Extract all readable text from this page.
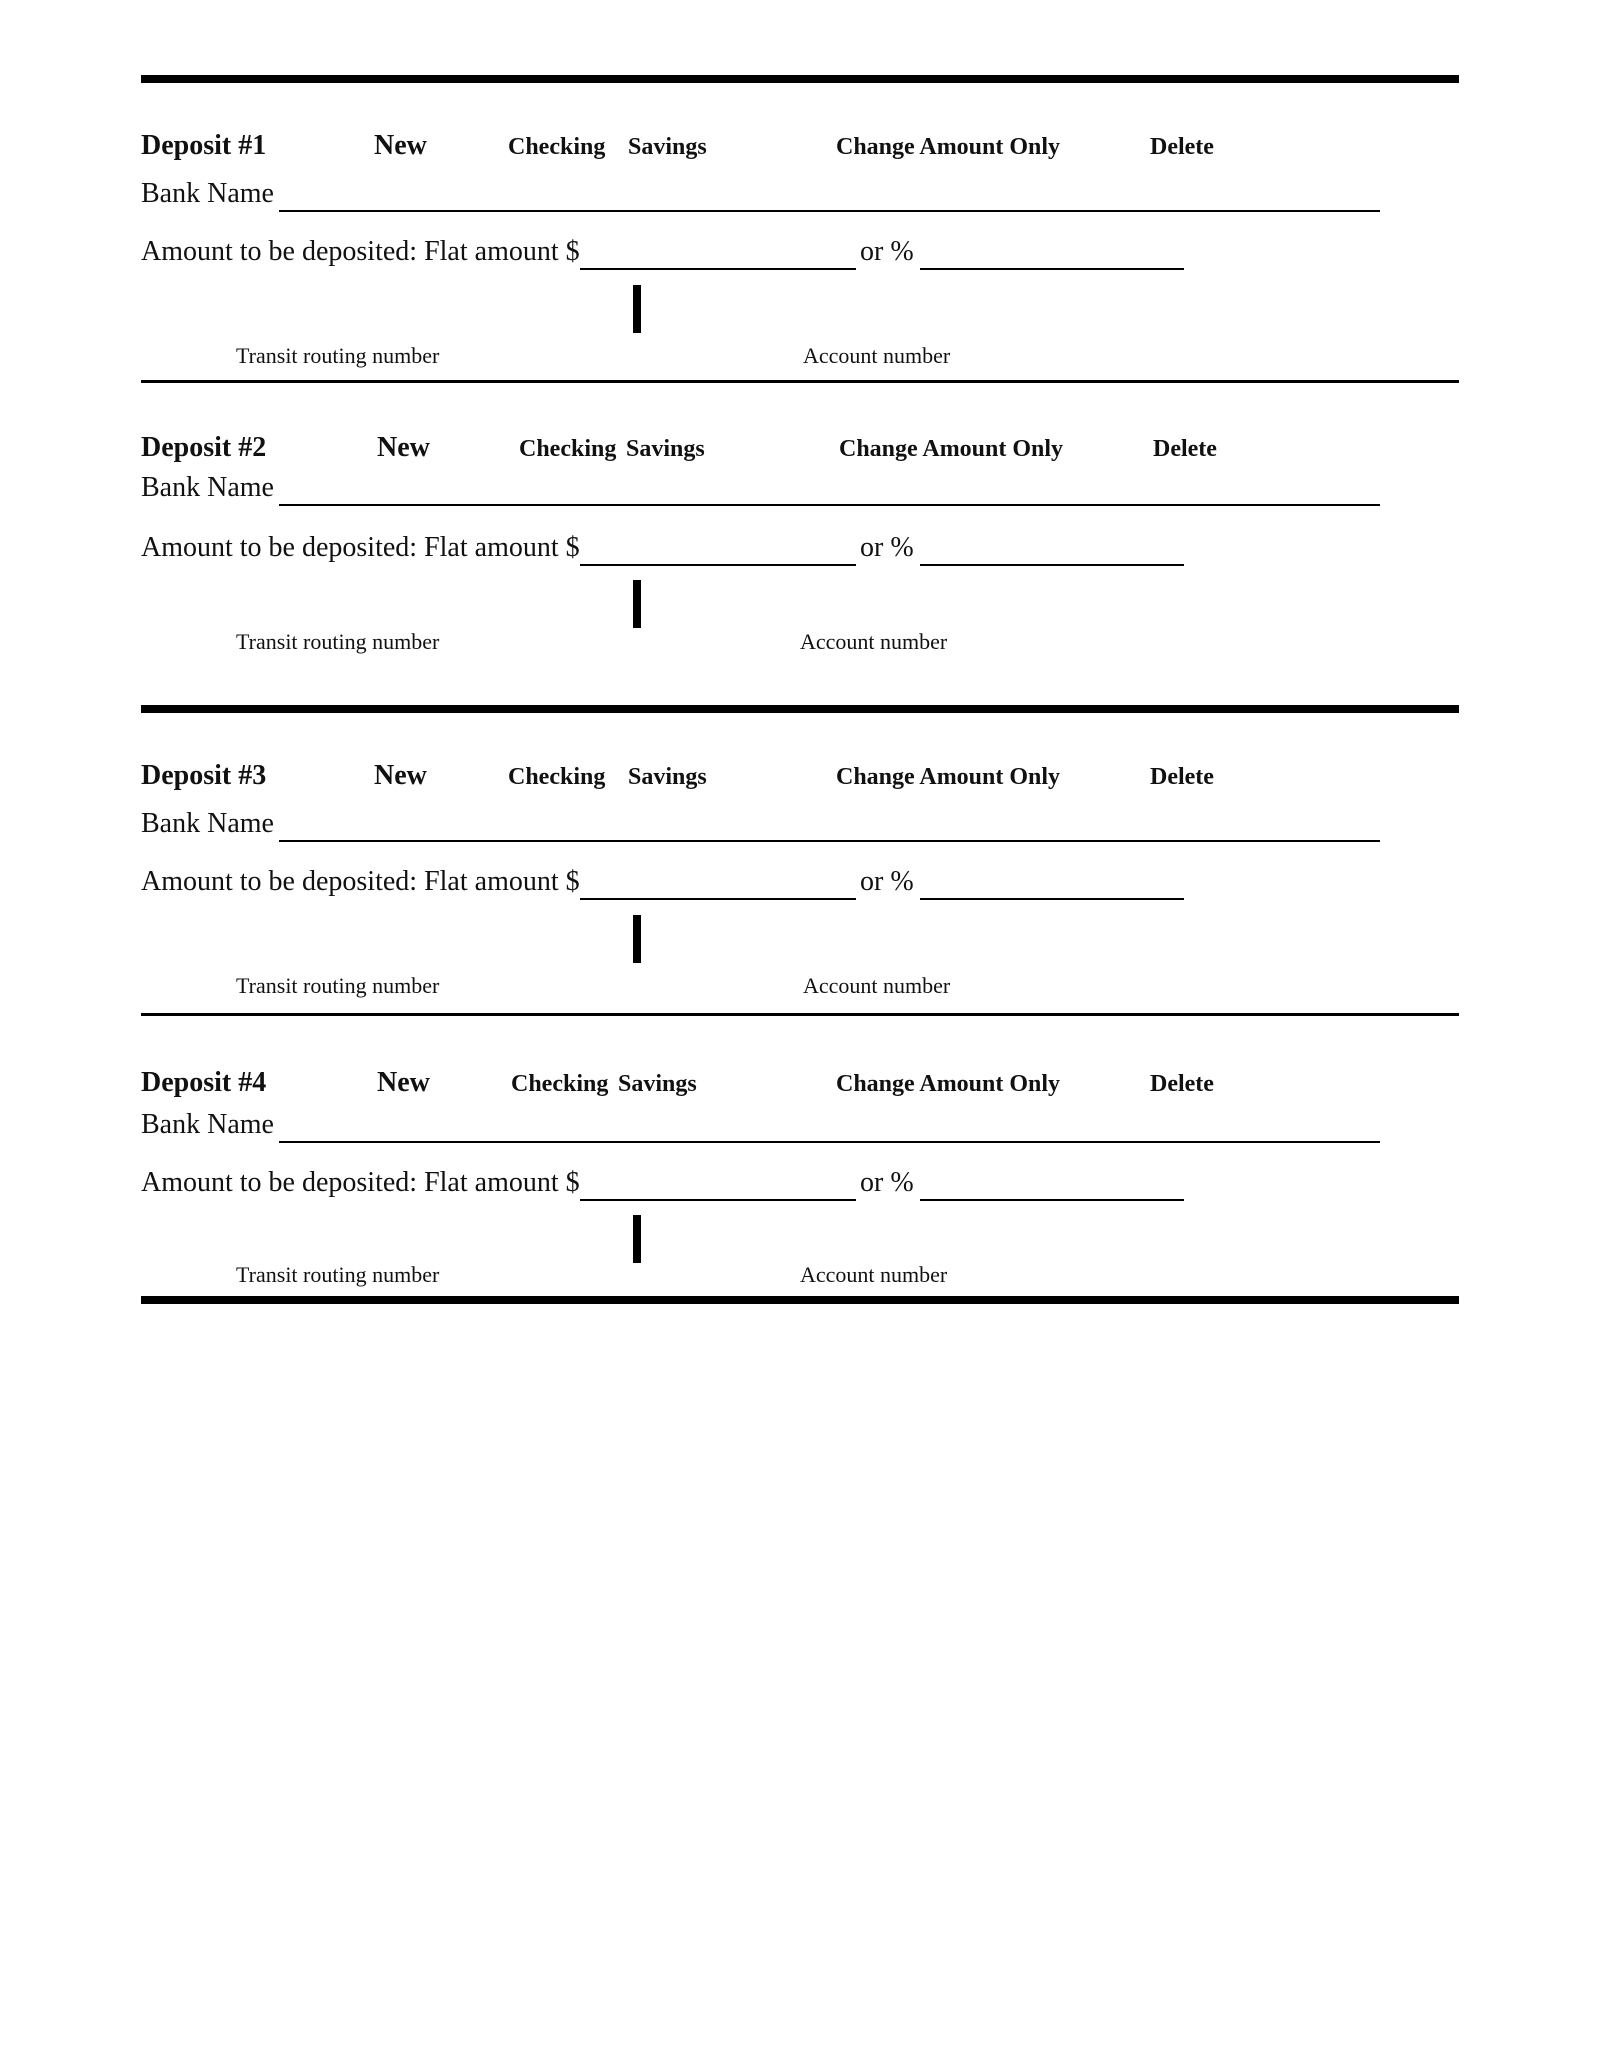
Deposit #1	New	Checking Savings	Change Amount Only	Delete
Bank Name
Amount to be deposited: Flat amount $	or %
Transit routing number	Account number
Deposit #2	New	Checking Savings	Change Amount Only	Delete
Bank Name
Amount to be deposited: Flat amount $	or %
Transit routing number	Account number
Deposit #3	New	Checking Savings	Change Amount Only	Delete
Bank Name
Amount to be deposited: Flat amount $	or %
Transit routing number	Account number
Deposit #4	New	Checking Savings	Change Amount Only	Delete
Bank Name
Amount to be deposited: Flat amount $	or %
Transit routing number	Account number
